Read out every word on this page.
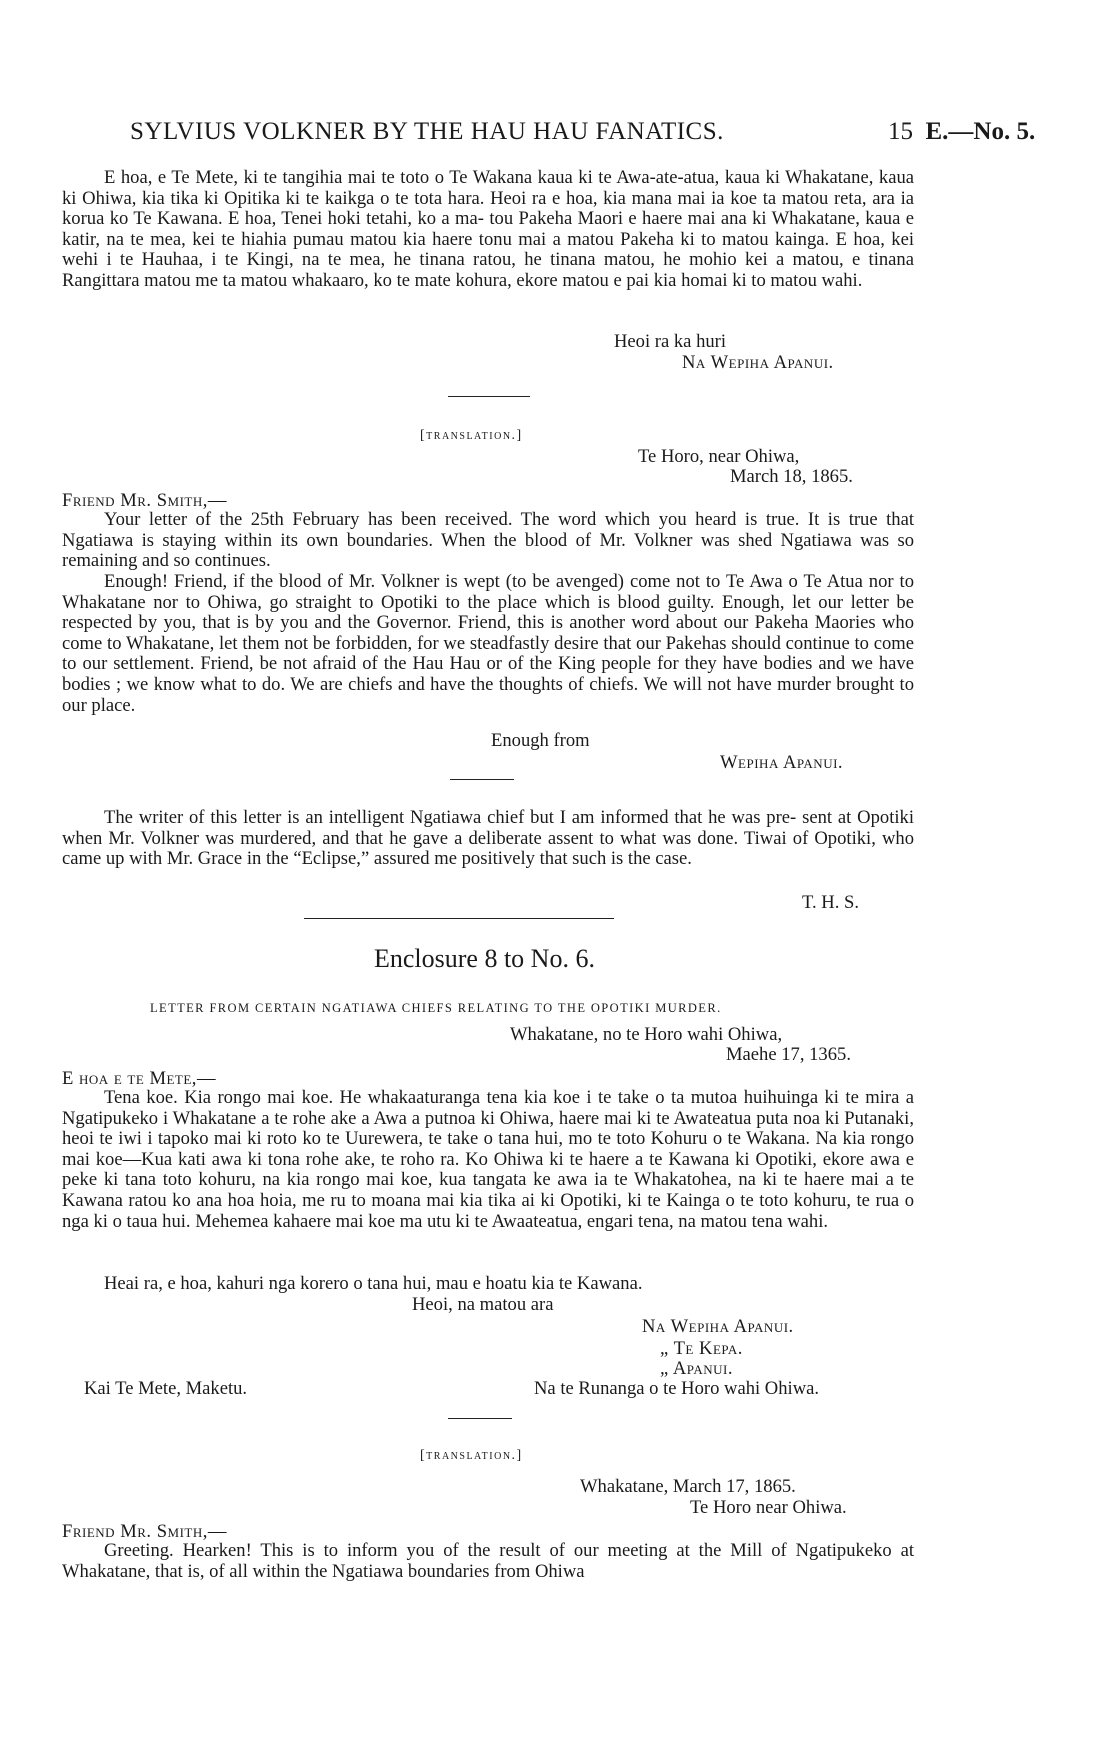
SYLVIUS VOLKNER BY THE HAU HAU FANATICS.	15 E.—No. 5.
E hoa, e Te Mete, ki te tangihia mai te toto o Te Wakana kaua ki te Awa-ate-atua, kaua ki Whakatane, kaua ki Ohiwa, kia tika ki Opitika ki te kaikga o te tota hara. Heoi ra e hoa, kia mana mai ia koe ta matou reta, ara ia korua ko Te Kawana. E hoa, Tenei hoki tetahi, ko a ma- tou Pakeha Maori e haere mai ana ki Whakatane, kaua e katir, na te mea, kei te hiahia pumau matou kia haere tonu mai a matou Pakeha ki to matou kainga. E hoa, kei wehi i te Hauhaa, i te Kingi, na te mea, he tinana ratou, he tinana matou, he mohio kei a matou, e tinana Rangittara matou me ta matou whakaaro, ko te mate kohura, ekore matou e pai kia homai ki to matou wahi.
Heoi ra ka huri
Na Wepiha Apanui.
[translation.]
Te Horo, near Ohiwa,
March 18, 1865.
Friend Mr. Smith,—
Your letter of the 25th February has been received. The word which you heard is true. It is true that Ngatiawa is staying within its own boundaries. When the blood of Mr. Volkner was shed Ngatiawa was so remaining and so continues.
Enough! Friend, if the blood of Mr. Volkner is wept (to be avenged) come not to Te Awa o Te Atua nor to Whakatane nor to Ohiwa, go straight to Opotiki to the place which is blood guilty. Enough, let our letter be respected by you, that is by you and the Governor. Friend, this is another word about our Pakeha Maories who come to Whakatane, let them not be forbidden, for we steadfastly desire that our Pakehas should continue to come to our settlement. Friend, be not afraid of the Hau Hau or of the King people for they have bodies and we have bodies ; we know what to do. We are chiefs and have the thoughts of chiefs. We will not have murder brought to our place.
Enough from
Wepiha Apanui.
The writer of this letter is an intelligent Ngatiawa chief but I am informed that he was pre- sent at Opotiki when Mr. Volkner was murdered, and that he gave a deliberate assent to what was done. Tiwai of Opotiki, who came up with Mr. Grace in the “Eclipse,” assured me positively that such is the case.
T. H. S.
Enclosure 8 to No. 6.
LETTER FROM CERTAIN NGATIAWA CHIEFS RELATING TO THE OPOTIKI MURDER.
Whakatane, no te Horo wahi Ohiwa,
Maehe 17, 1365.
E hoa e te Mete,—
Tena koe. Kia rongo mai koe. He whakaaturanga tena kia koe i te take o ta mutoa huihuinga ki te mira a Ngatipukeko i Whakatane a te rohe ake a Awa a putnoa ki Ohiwa, haere mai ki te Awateatua puta noa ki Putanaki, heoi te iwi i tapoko mai ki roto ko te Uurewera, te take o tana hui, mo te toto Kohuru o te Wakana. Na kia rongo mai koe—Kua kati awa ki tona rohe ake, te roho ra. Ko Ohiwa ki te haere a te Kawana ki Opotiki, ekore awa e peke ki tana toto kohuru, na kia rongo mai koe, kua tangata ke awa ia te Whakatohea, na ki te haere mai a te Kawana ratou ko ana hoa hoia, me ru to moana mai kia tika ai ki Opotiki, ki te Kainga o te toto kohuru, te rua o nga ki o taua hui. Mehemea kahaere mai koe ma utu ki te Awaateatua, engari tena, na matou tena wahi.
Heai ra, e hoa, kahuri nga korero o tana hui, mau e hoatu kia te Kawana.
Heoi, na matou ara
Na Wepiha Apanui.
„ Te Kepa.
„ Apanui.
Kai Te Mete, Maketu.	Na te Runanga o te Horo wahi Ohiwa.
[translation.]
Whakatane, March 17, 1865.
Te Horo near Ohiwa.
Friend Mr. Smith,—
Greeting. Hearken! This is to inform you of the result of our meeting at the Mill of Ngatipukeko at Whakatane, that is, of all within the Ngatiawa boundaries from Ohiwa
